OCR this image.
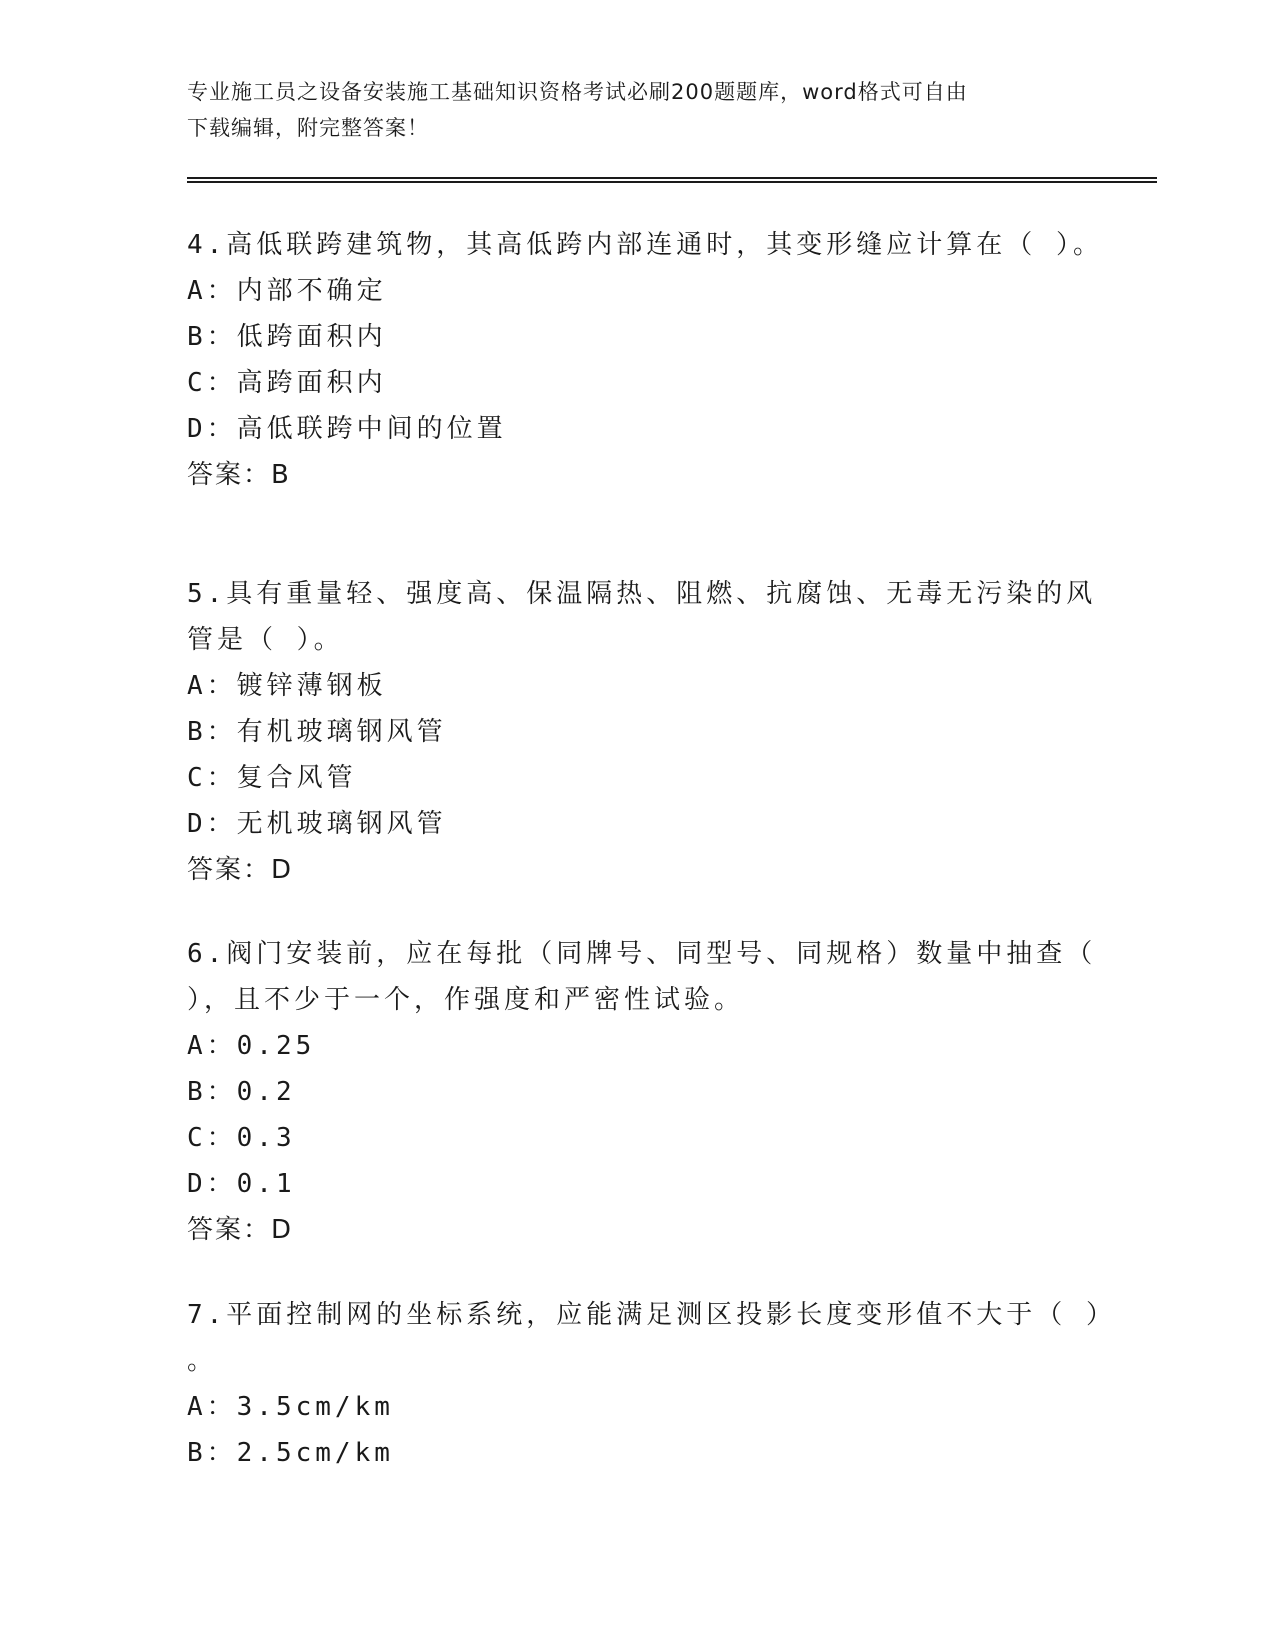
专业施工员之设备安装施工基础知识资格考试必刷200题题库，word格式可自由
下载编辑，附完整答案！
4.高低联跨建筑物，其高低跨内部连通时，其变形缝应计算在（ ）。
A：内部不确定
B：低跨面积内
C：高跨面积内
D：高低联跨中间的位置
答案：B
5.具有重量轻、强度高、保温隔热、阻燃、抗腐蚀、无毒无污染的风
管是（ ）。
A：镀锌薄钢板
B：有机玻璃钢风管
C：复合风管
D：无机玻璃钢风管
答案：D
6.阀门安装前，应在每批（同牌号、同型号、同规格）数量中抽查（
），且不少于一个，作强度和严密性试验。
A：0.25
B：0.2
C：0.3
D：0.1
答案：D
7.平面控制网的坐标系统，应能满足测区投影长度变形值不大于（ ）
。
A：3.5cm/km
B：2.5cm/km
